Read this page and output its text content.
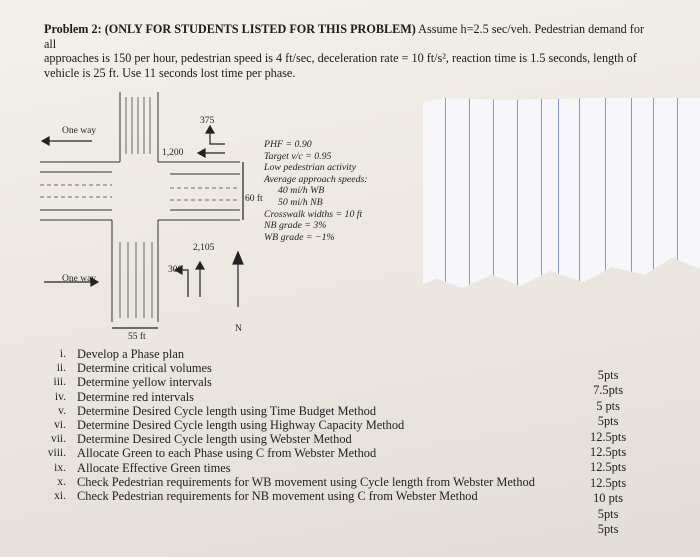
Problem 2: (ONLY FOR STUDENTS LISTED FOR THIS PROBLEM) Assume h=2.5 sec/veh. Pedestrian demand for all
approaches is 150 per hour, pedestrian speed is 4 ft/sec, deceleration rate = 10 ft/s², reaction time is 1.5 seconds, length of
vehicle is 25 ft. Use 11 seconds lost time per phase.
One way
One way
375
1,200
2,105
300
60 ft
55 ft
N
PHF = 0.90
Target v/c = 0.95
Low pedestrian activity
Average approach speeds:
40 mi/h WB
50 mi/h NB
Crosswalk widths = 10 ft
NB grade = 3%
WB grade = −1%
i. Develop a Phase plan
ii. Determine critical volumes
iii. Determine yellow intervals
iv. Determine red intervals
v. Determine Desired Cycle length using Time Budget Method
vi. Determine Desired Cycle length using Highway Capacity Method
vii. Determine Desired Cycle length using Webster Method
viii. Allocate Green to each Phase using C from Webster Method
ix. Allocate Effective Green times
x. Check Pedestrian requirements for WB movement using Cycle length from Webster Method
xi. Check Pedestrian requirements for NB movement using C from Webster Method
5pts
7.5pts
5 pts
5pts
12.5pts
12.5pts
12.5pts
12.5pts
10 pts
5pts
5pts
